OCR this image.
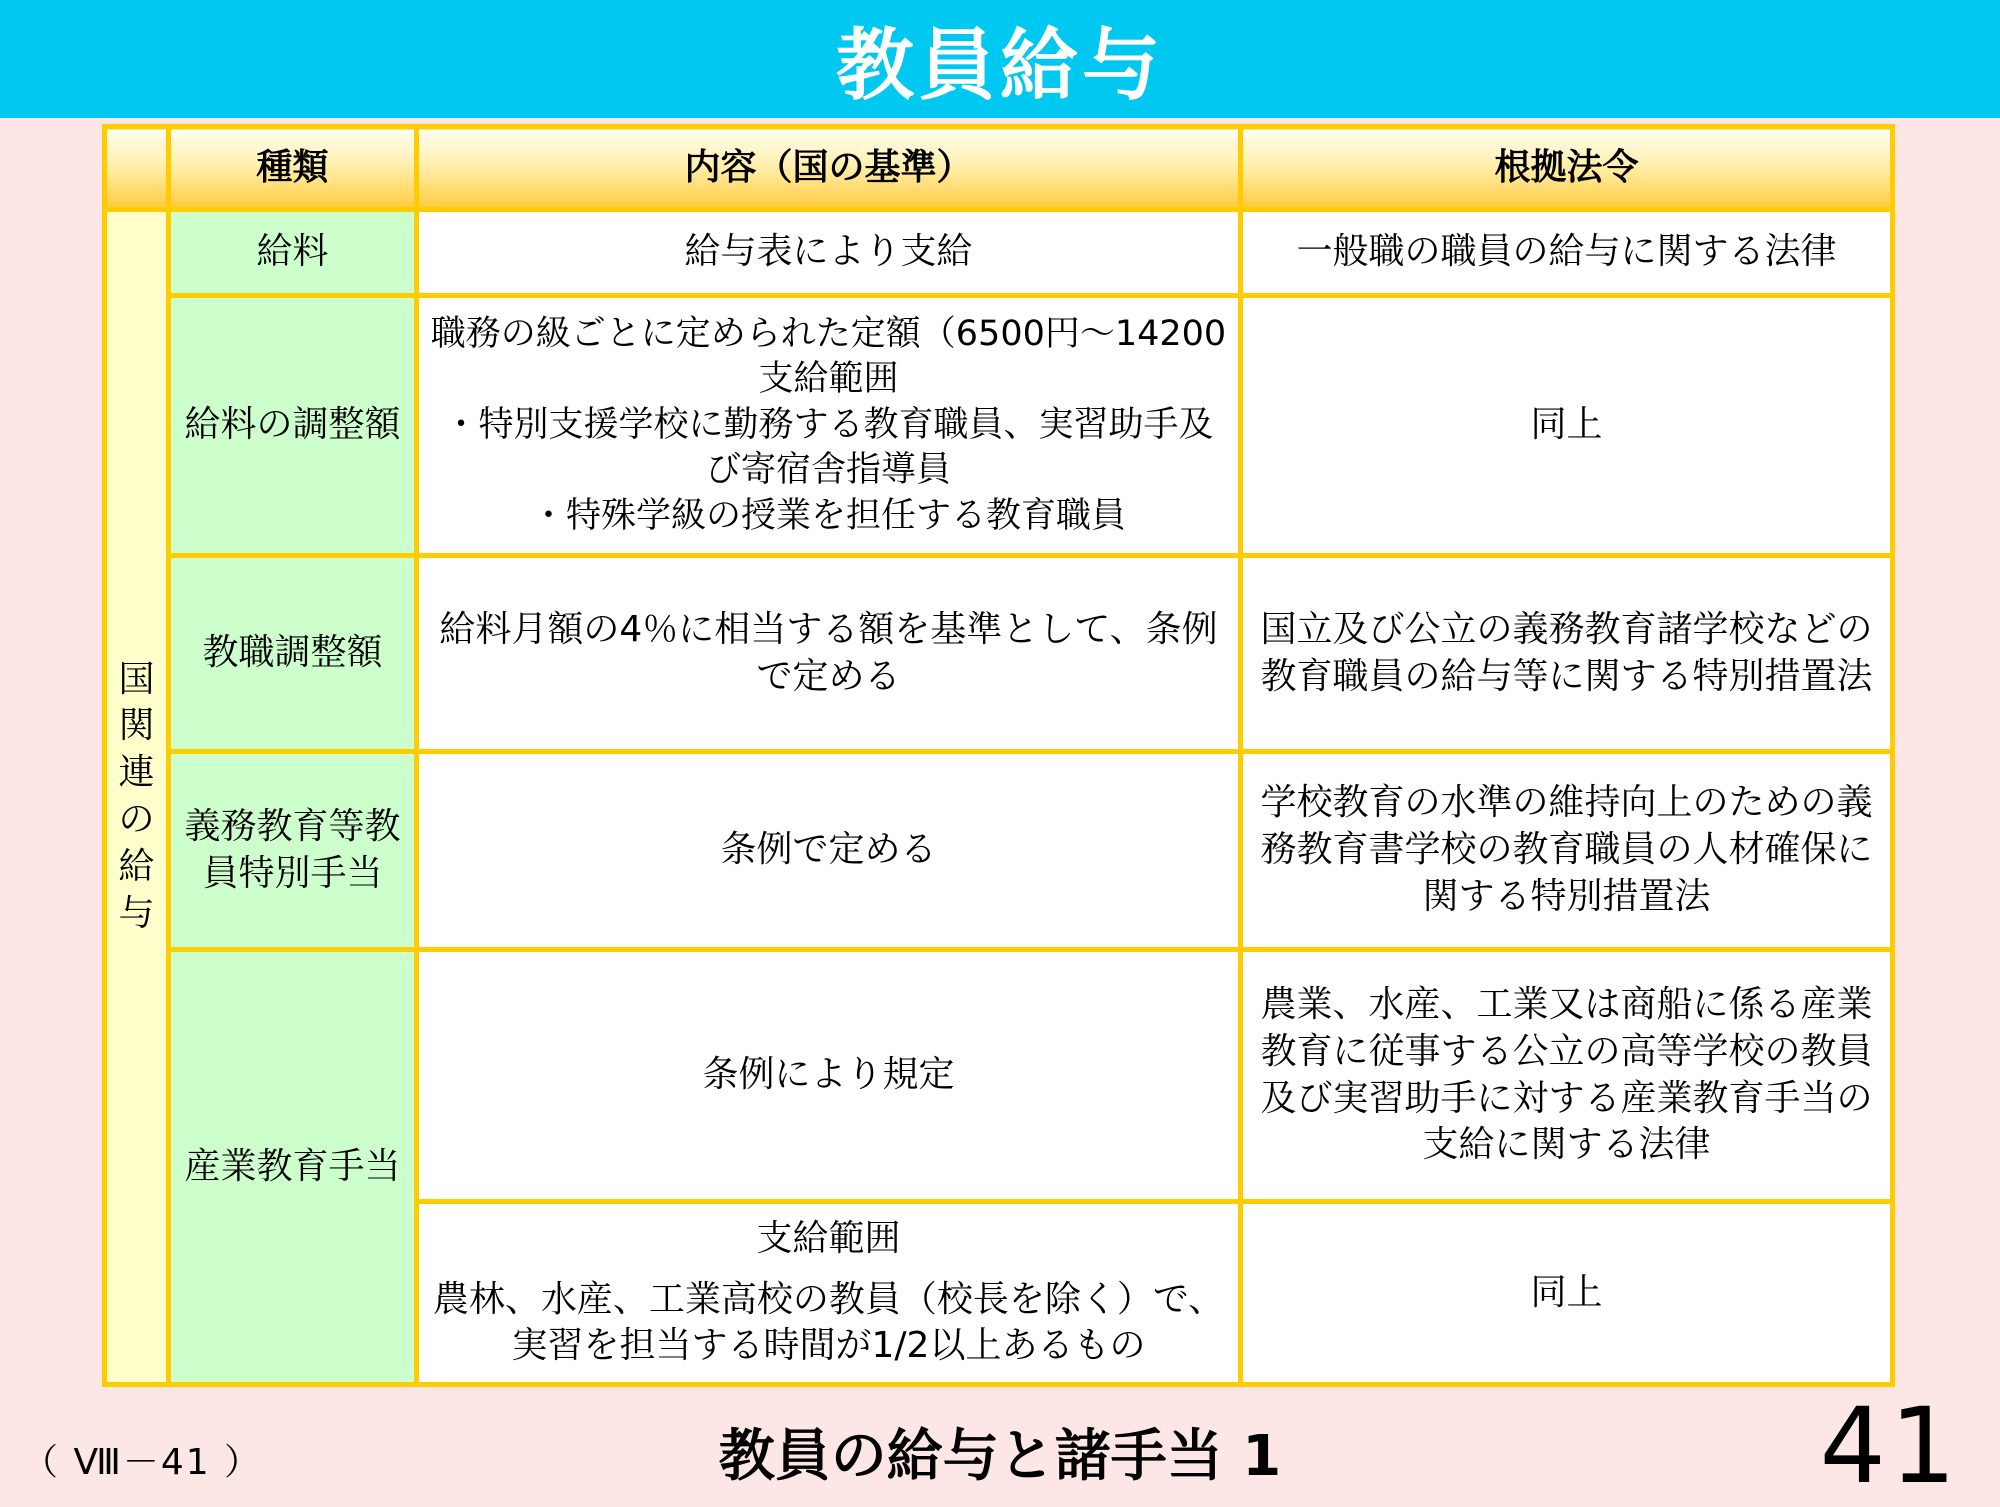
教員給与
	種類	内容（国の基準）	根拠法令
国関連の給与	給料	給与表により支給	一般職の職員の給与に関する法律
	給料の調整額	職務の級ごとに定められた定額（6500円～14200
支給範囲
・特別支援学校に勤務する教育職員、実習助手及び寄宿舎指導員
・特殊学級の授業を担任する教育職員	同上
	教職調整額	給料月額の4％に相当する額を基準として、条例で定める	国立及び公立の義務教育諸学校などの教育職員の給与等に関する特別措置法
	義務教育等教員特別手当	条例で定める	学校教育の水準の維持向上のための義務教育書学校の教育職員の人材確保に関する特別措置法
	産業教育手当	条例により規定	農業、水産、工業又は商船に係る産業教育に従事する公立の高等学校の教員及び実習助手に対する産業教育手当の支給に関する法律

		支給範囲
農林、水産、工業高校の教員（校長を除く）で、実習を担当する時間が1/2以上あるもの	同上
（ Ⅷ－41 ）	教員の給与と諸手当 1	41
